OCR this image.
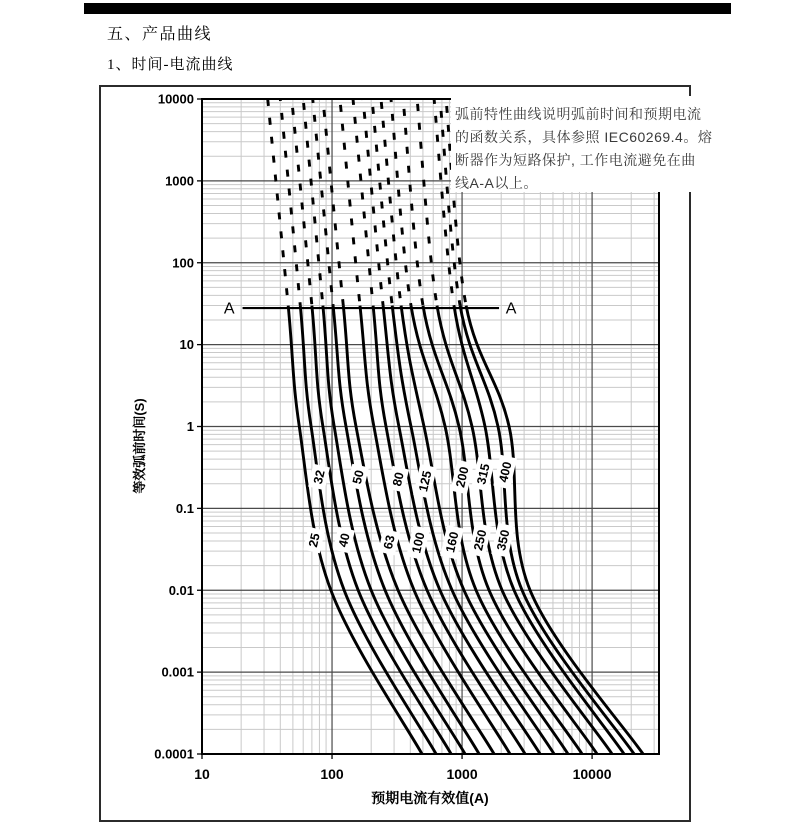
五、产品曲线
1、时间-电流曲线
A	A
25
32
40
50
63
80
100
125
160
200
250
315
350
400
10000
1000
100
10
1
0.1
0.01
0.001
0.0001
10	100	1000	10000
弧前特性曲线说明弧前时间和预期电流
的函数关系，具体参照 IEC60269.4。熔
断器作为短路保护, 工作电流避免在曲
线A-A以上。
等效弧前时间(S)
预期电流有效值(A)
